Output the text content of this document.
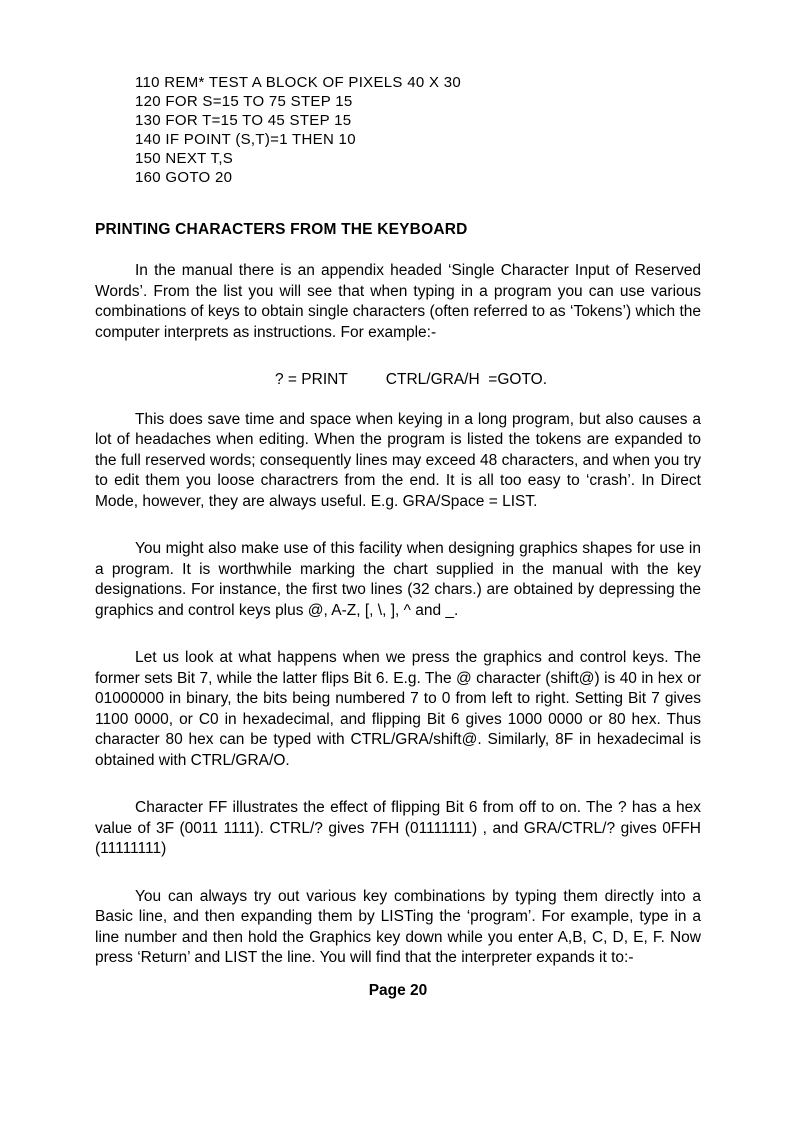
110 REM* TEST A BLOCK OF PIXELS 40 X 30
120 FOR S=15 TO 75 STEP 15
130 FOR T=15 TO 45 STEP 15
140 IF POINT (S,T)=1 THEN 10
150 NEXT T,S
160 GOTO 20
PRINTING CHARACTERS FROM THE KEYBOARD

In the manual there is an appendix headed ‘Single Character Input of Reserved Words’. From the list you will see that when typing in a program you can use various combinations of keys to obtain single characters (often referred to as ‘Tokens’) which the computer interprets as instructions. For example:-

? = PRINT CTRL/GRA/H  =GOTO.

This does save time and space when keying in a long program, but also causes a lot of headaches when editing. When the program is listed the tokens are expanded to the full reserved words; consequently lines may exceed 48 characters, and when you try to edit them you loose charactrers from the end. It is all too easy to ‘crash’. In Direct Mode, however, they are always useful. E.g. GRA/Space = LIST.

You might also make use of this facility when designing graphics shapes for use in a program. It is worthwhile marking the chart supplied in the manual with the key designations. For instance, the first two lines (32 chars.) are obtained by depressing the graphics and control keys plus @, A-Z, [, \, ], ^ and _.

Let us look at what happens when we press the graphics and control keys. The former sets Bit 7, while the latter flips Bit 6. E.g. The @ character (shift@) is 40 in hex or 01000000 in binary, the bits being numbered 7 to 0 from left to right. Setting Bit 7 gives 1100 0000, or C0 in hexadecimal, and flipping Bit 6 gives 1000 0000 or 80 hex. Thus character 80 hex can be typed with CTRL/GRA/shift@. Similarly, 8F in hexadecimal is obtained with CTRL/GRA/O.

Character FF illustrates the effect of flipping Bit 6 from off to on. The ? has a hex value of 3F (0011 1111). CTRL/? gives 7FH (01111111) , and GRA/CTRL/? gives 0FFH (11111111)

You can always try out various key combinations by typing them directly into a Basic line, and then expanding them by LISTing the ‘program’. For example, type in a line number and then hold the Graphics key down while you enter A,B, C, D, E, F. Now press ‘Return’ and LIST the line. You will find that the interpreter expands it to:-

Page 20
